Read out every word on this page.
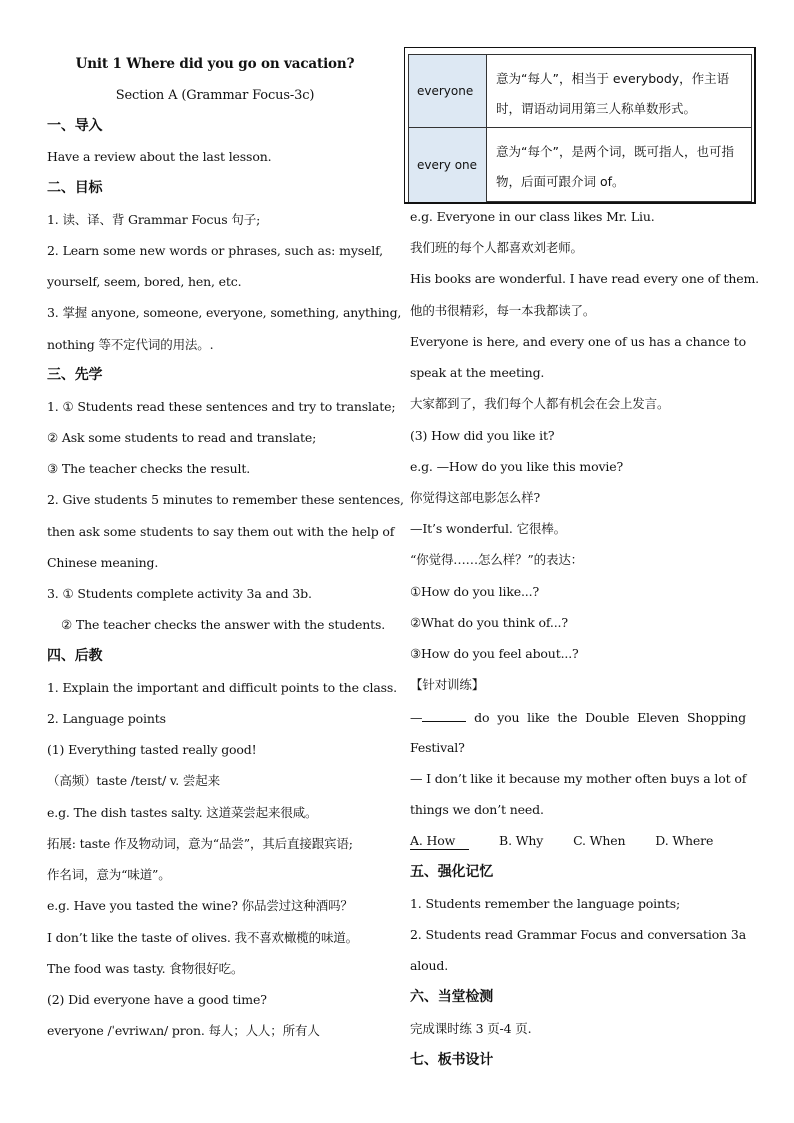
Unit 1 Where did you go on vacation?
Section A (Grammar Focus-3c)
一、导入
Have a review about the last lesson.
二、目标
1. 读、译、背 Grammar Focus 句子;
2. Learn some new words or phrases, such as: myself,
yourself, seem, bored, hen, etc.
3. 掌握 anyone, someone, everyone, something, anything,
nothing 等不定代词的用法。.
三、先学
1. ① Students read these sentences and try to translate;
② Ask some students to read and translate;
③ The teacher checks the result.
2. Give students 5 minutes to remember these sentences,
then ask some students to say them out with the help of
Chinese meaning.
3. ① Students complete activity 3a and 3b.
② The teacher checks the answer with the students.
四、后教
1. Explain the important and difficult points to the class.
2. Language points
(1) Everything tasted really good!
（高频）taste /teɪst/ v. 尝起来
e.g. The dish tastes salty. 这道菜尝起来很咸。
拓展: taste 作及物动词，意为“品尝”，其后直接跟宾语;
作名词，意为“味道”。
e.g. Have you tasted the wine? 你品尝过这种酒吗？
I don’t like the taste of olives. 我不喜欢橄榄的味道。
The food was tasty. 食物很好吃。
(2) Did everyone have a good time?
everyone /ˈevriwʌn/ pron. 每人；人人；所有人
everyone
意为“每人”，相当于 everybody，作主语时，谓语动词用第三人称单数形式。
every one
意为“每个”，是两个词，既可指人，也可指物，后面可跟介词 of。
e.g. Everyone in our class likes Mr. Liu.
我们班的每个人都喜欢刘老师。
His books are wonderful. I have read every one of them.
他的书很精彩，每一本我都读了。
Everyone is here, and every one of us has a chance to
speak at the meeting.
大家都到了，我们每个人都有机会在会上发言。
(3) How did you like it?
e.g. —How do you like this movie?
你觉得这部电影怎么样?
—It’s wonderful. 它很棒。
“你觉得……怎么样？”的表达：
①How do you like...?
②What do you think of...?
③How do you feel about...?
【针对训练】
—	do you like the Double Eleven Shopping
Festival?
— I don’t like it because my mother often buys a lot of
things we don’t need.
A. How	B. Why C. When D. Where
五、强化记忆
1. Students remember the language points;
2. Students read Grammar Focus and conversation 3a
aloud.
六、当堂检测
完成课时练 3 页-4 页.
七、板书设计
